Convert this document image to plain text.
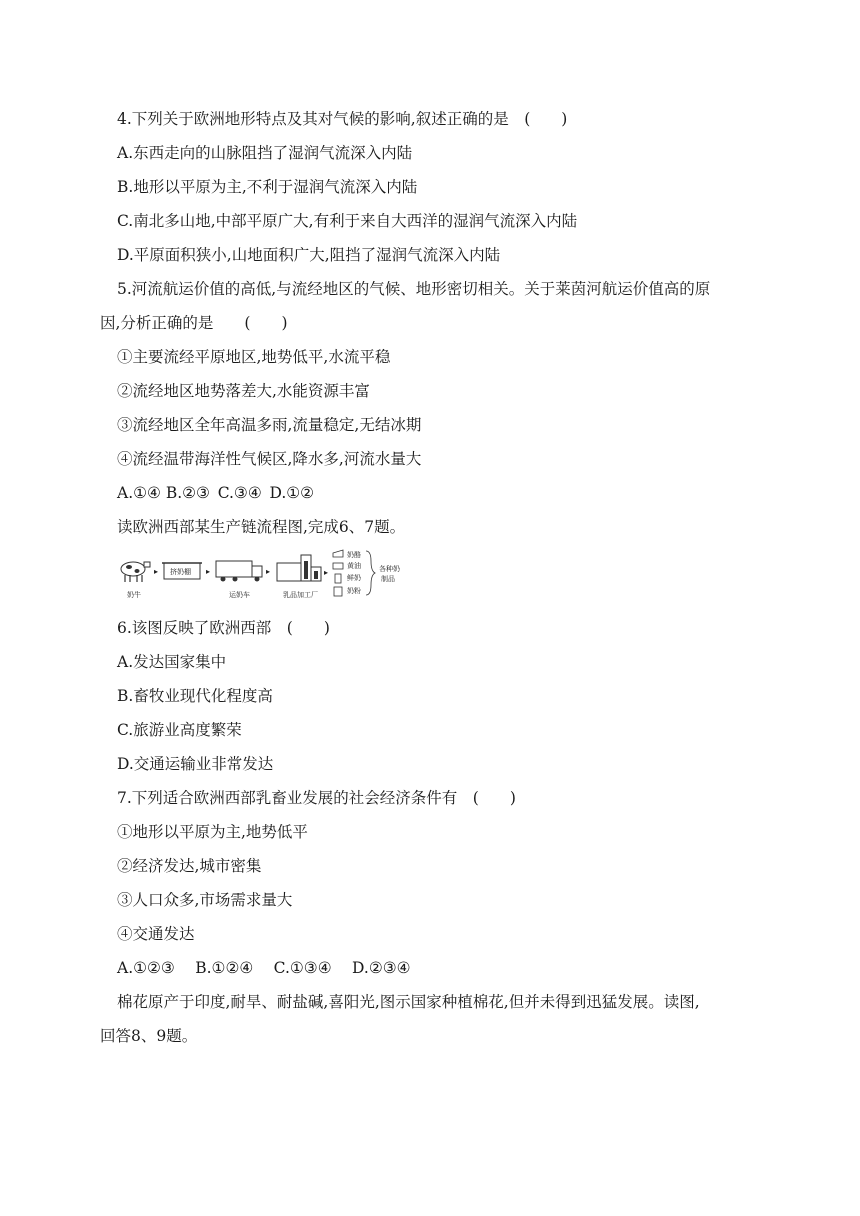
4.下列关于欧洲地形特点及其对气候的影响,叙述正确的是　(　　)
A.东西走向的山脉阻挡了湿润气流深入内陆
B.地形以平原为主,不利于湿润气流深入内陆
C.南北多山地,中部平原广大,有利于来自大西洋的湿润气流深入内陆
D.平原面积狭小,山地面积广大,阻挡了湿润气流深入内陆
5.河流航运价值的高低,与流经地区的气候、地形密切相关。关于莱茵河航运价值高的原
因,分析正确的是　　(　　)
①主要流经平原地区,地势低平,水流平稳
②流经地区地势落差大,水能资源丰富
③流经地区全年高温多雨,流量稳定,无结冰期
④流经温带海洋性气候区,降水多,河流水量大
A.①④ B.②③ C.③④ D.①②
读欧洲西部某生产链流程图,完成6、7题。
奶牛
▸ 挤奶棚 ▸
运奶车
▸
乳品加工厂
▸
奶酪
黄油
鲜奶
奶粉
各种奶
制品
6.该图反映了欧洲西部　(　　)
A.发达国家集中
B.畜牧业现代化程度高
C.旅游业高度繁荣
D.交通运输业非常发达
7.下列适合欧洲西部乳畜业发展的社会经济条件有　(　　)
①地形以平原为主,地势低平
②经济发达,城市密集
③人口众多,市场需求量大
④交通发达
A.①②③  B.①②④  C.①③④  D.②③④
棉花原产于印度,耐旱、耐盐碱,喜阳光,图示国家种植棉花,但并未得到迅猛发展。读图,
回答8、9题。
